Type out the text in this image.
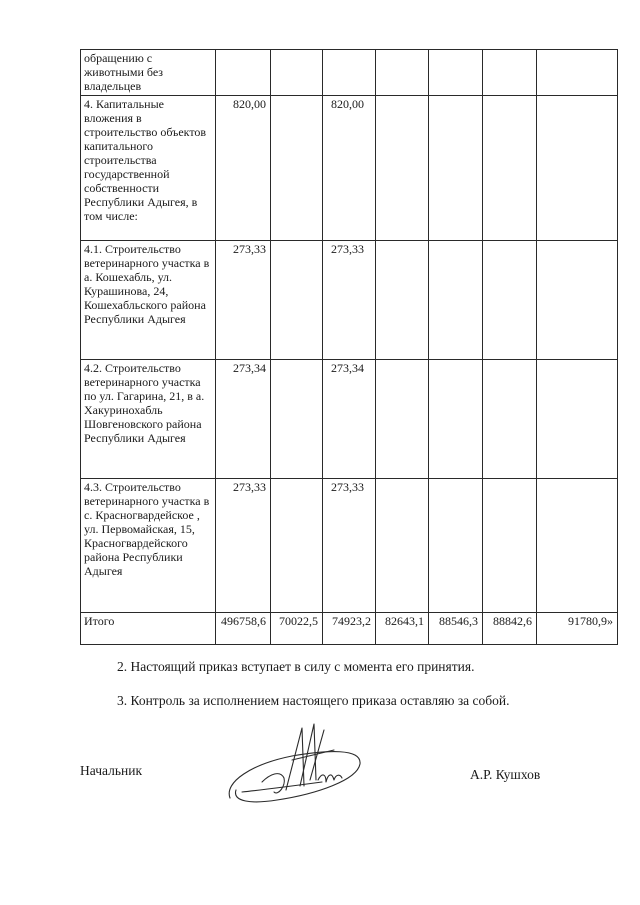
обращению с животными без владельцев							
4. Капитальные вложения в строительство объектов капитального строительства государственной собственности Республики Адыгея, в том числе:	820,00		820,00				
4.1. Строительство ветеринарного участка в а. Кошехабль, ул. Курашинова, 24, Кошехабльского района Республики Адыгея	273,33		273,33				
4.2. Строительство ветеринарного участка по ул. Гагарина, 21, в а. Хакуринохабль Шовгеновского района Республики Адыгея	273,34		273,34				
4.3. Строительство ветеринарного участка в с. Красногвардейское , ул. Первомайская, 15, Красногвардейского района Республики Адыгея	273,33		273,33				
Итого	496758,6	70022,5	74923,2	82643,1	88546,3	88842,6	91780,9»
2. Настоящий приказ вступает в силу с момента его принятия.
3. Контроль за исполнением настоящего приказа оставляю за собой.
Начальник	А.Р. Кушхов
